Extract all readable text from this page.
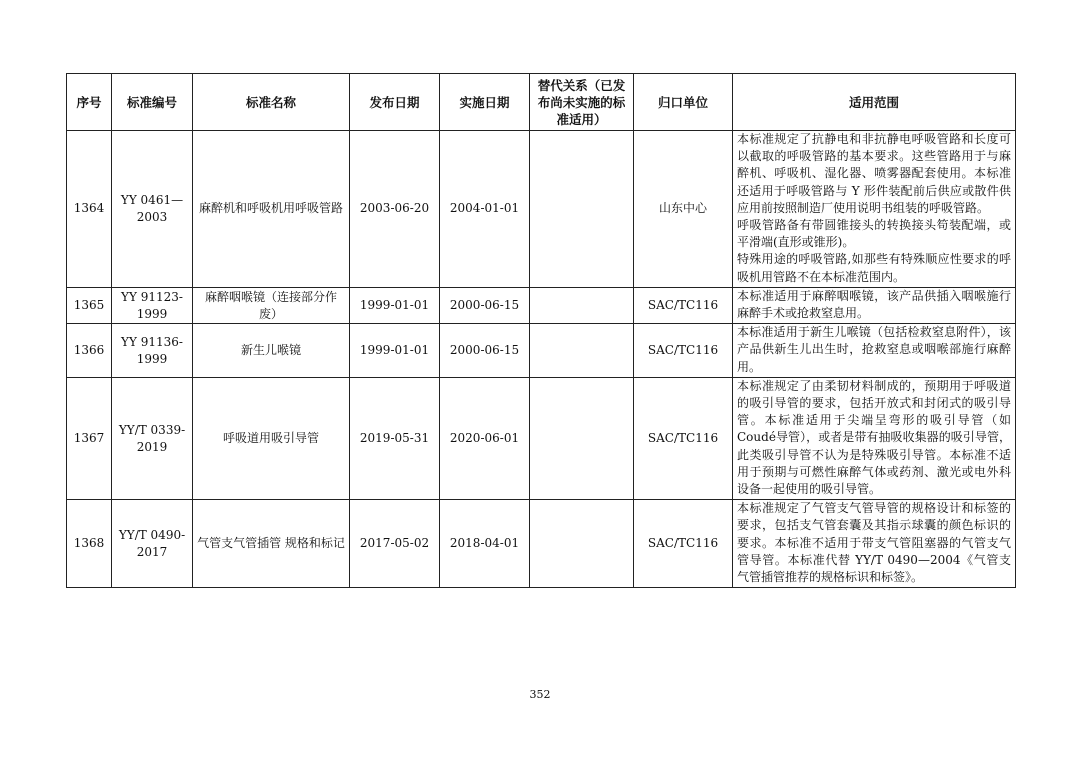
序号	标准编号	标准名称	发布日期	实施日期	替代关系（已发布尚未实施的标准适用）	归口单位	适用范围
1364	YY 0461—2003	麻醉机和呼吸机用呼吸管路	2003-06-20	2004-01-01		山东中心	本标准规定了抗静电和非抗静电呼吸管路和长度可以截取的呼吸管路的基本要求。这些管路用于与麻醉机、呼吸机、湿化器、喷雾器配套使用。本标准还适用于呼吸管路与 Y 形件装配前后供应或散件供应用前按照制造厂使用说明书组装的呼吸管路。
呼吸管路备有带圆锥接头的转换接头笱装配端，或平滑端(直形或锥形)。
特殊用途的呼吸管路,如那些有特殊顺应性要求的呼吸机用管路不在本标准范围内。

1365	YY 91123-1999	麻醉咽喉镜（连接部分作废）	1999-01-01	2000-06-15		SAC/TC116	本标准适用于麻醉咽喉镜，该产品供插入咽喉施行麻醉手术或抢救窒息用。

1366	YY 91136-1999	新生儿喉镜	1999-01-01	2000-06-15		SAC/TC116	本标准适用于新生儿喉镜（包括检救窒息附件），该产品供新生儿出生时，抢救窒息或咽喉部施行麻醉用。

1367	YY/T 0339-2019	呼吸道用吸引导管	2019-05-31	2020-06-01		SAC/TC116	本标准规定了由柔韧材料制成的，预期用于呼吸道的吸引导管的要求，包括开放式和封闭式的吸引导管。本标准适用于尖端呈弯形的吸引导管（如 Coudé导管），或者是带有抽吸收集器的吸引导管，此类吸引导管不认为是特殊吸引导管。本标准不适用于预期与可燃性麻醉气体或药剂、激光或电外科设备一起使用的吸引导管。

1368	YY/T 0490-2017	气管支气管插管 规格和标记	2017-05-02	2018-04-01		SAC/TC116	本标准规定了气管支气管导管的规格设计和标签的要求，包括支气管套囊及其指示球囊的颜色标识的要求。本标准不适用于带支气管阻塞器的气管支气管导管。本标准代替 YY/T 0490—2004《气管支气管插管推荐的规格标识和标签》。
352
